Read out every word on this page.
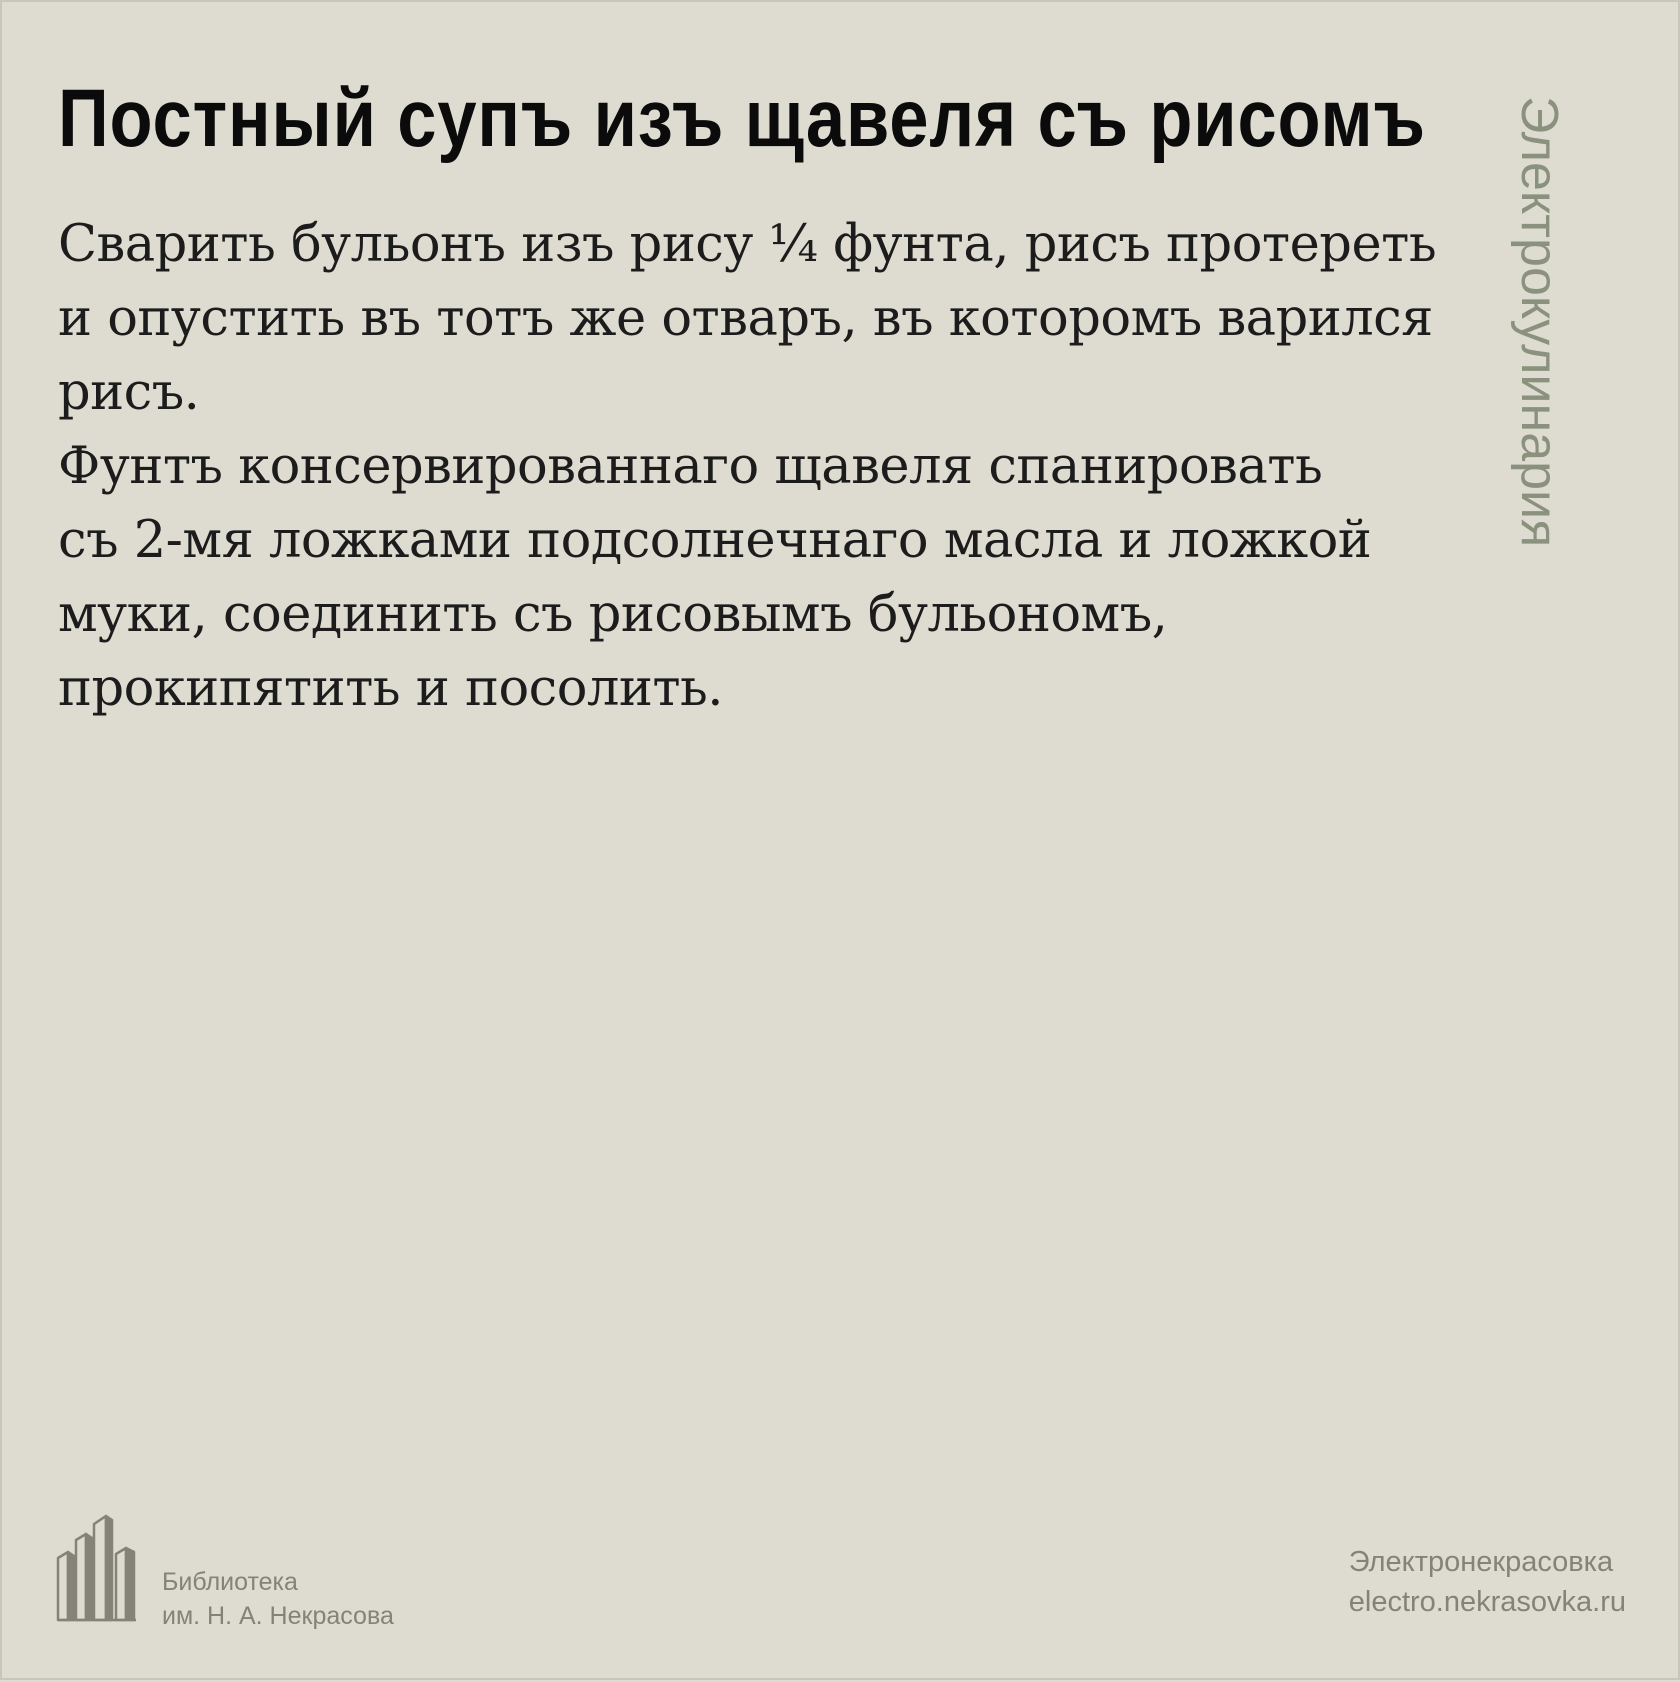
Постный супъ изъ щавеля съ рисомъ

Сварить бульонъ изъ рису ¼ фунта, рисъ протереть
и опустить въ тотъ же отваръ, въ которомъ варился
рисъ.

Фунтъ консервированнаго щавеля спанировать
съ 2-мя ложками подсолнечнаго масла и ложкой
муки, соединить съ рисовымъ бульономъ,
прокипятить и посолить.

Электрокулинария
Библиотека
им. Н. А. Некрасова
Электронекрасовка
electro.nekrasovka.ru
